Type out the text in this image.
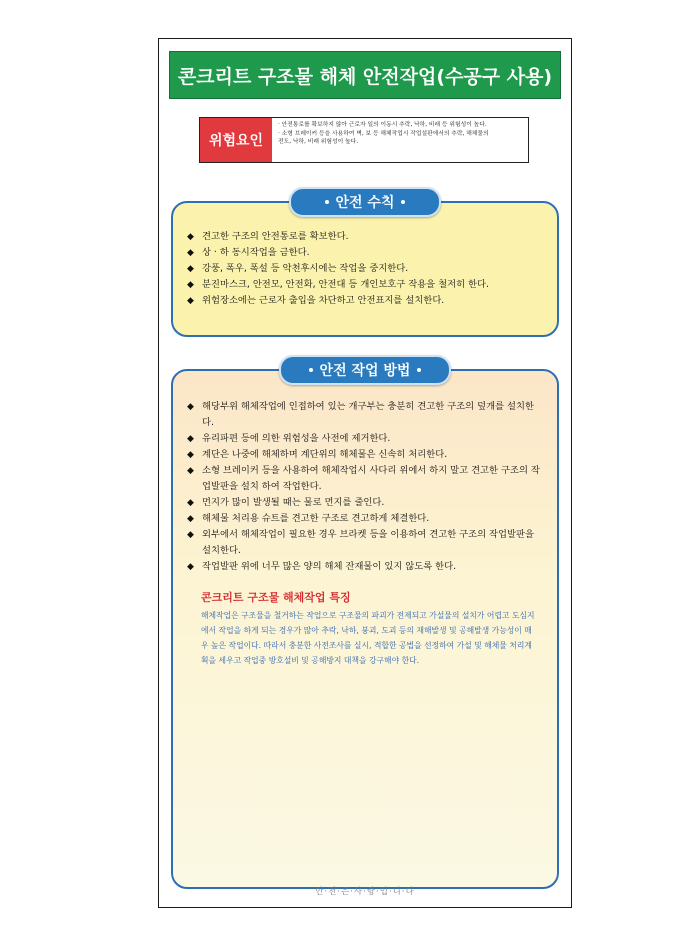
콘크리트 구조물 해체 안전작업(수공구 사용)
위험요인
· 안전통로를 확보하지 않아 근로자 일의 이동시 추락, 낙하, 비래 등 위험성이 높다.
· 소형 브레이커 등을 사용하여 벽, 보 등 해체작업시 작업설판에서의 추락, 해체물의
전도, 낙하, 비래 위험성이 높다.
안전 수칙
◆ 견고한 구조의 안전통로를 확보한다.
◆ 상 · 하 동시작업을 금한다.
◆ 강풍, 폭우, 폭설 등 악천후시에는 작업을 중지한다.
◆ 분진마스크, 안전모, 안전화, 안전대 등 개인보호구 작용을 철저히 한다.
◆ 위험장소에는 근로자 출입을 차단하고 안전표지를 설치한다.
안전 작업 방법
◆ 해당부위 해체작업에 인접하여 있는 개구부는 충분히 견고한 구조의 덮개를 설치한다.
◆ 유리파편 등에 의한 위험성을 사전에 제거한다.
◆ 계단은 나중에 해체하며 계단위의 해체물은 신속히 처리한다.
◆ 소형 브레이커 등을 사용하여 해체작업시 사다리 위에서 하지 말고 견고한 구조의 작업발판을 설치 하여 작업한다.
◆ 먼지가 많이 발생될 때는 물로 먼지를 줄인다.
◆ 해체물 처리용 슈트를 견고한 구조로 견고하게 체결한다.
◆ 외부에서 해체작업이 필요한 경우 브라켓 등을 이용하여 견고한 구조의 작업발판을 설치한다.
◆ 작업발판 위에 너무 많은 양의 해체 잔재물이 있지 않도록 한다.

콘크리트 구조물 해체작업 특징

해체작업은 구조물을 철거하는 작업으로 구조물의 파괴가 전제되고 가설물의 설치가 어렵고 도심지에서 작업을 하게 되는 경우가 많아 추락, 낙하, 붕괴, 도괴 등의 재해발생 및 공해발생 가능성이 매우 높은 작업이다. 따라서 충분한 사전조사를 실시, 적합한 공법을 선정하여 가설 및 해체물 처리계획을 세우고 작업중 방호설비 및 공해방지 대책을 강구해야 한다.

안·전·은·사·랑·입·니·다
